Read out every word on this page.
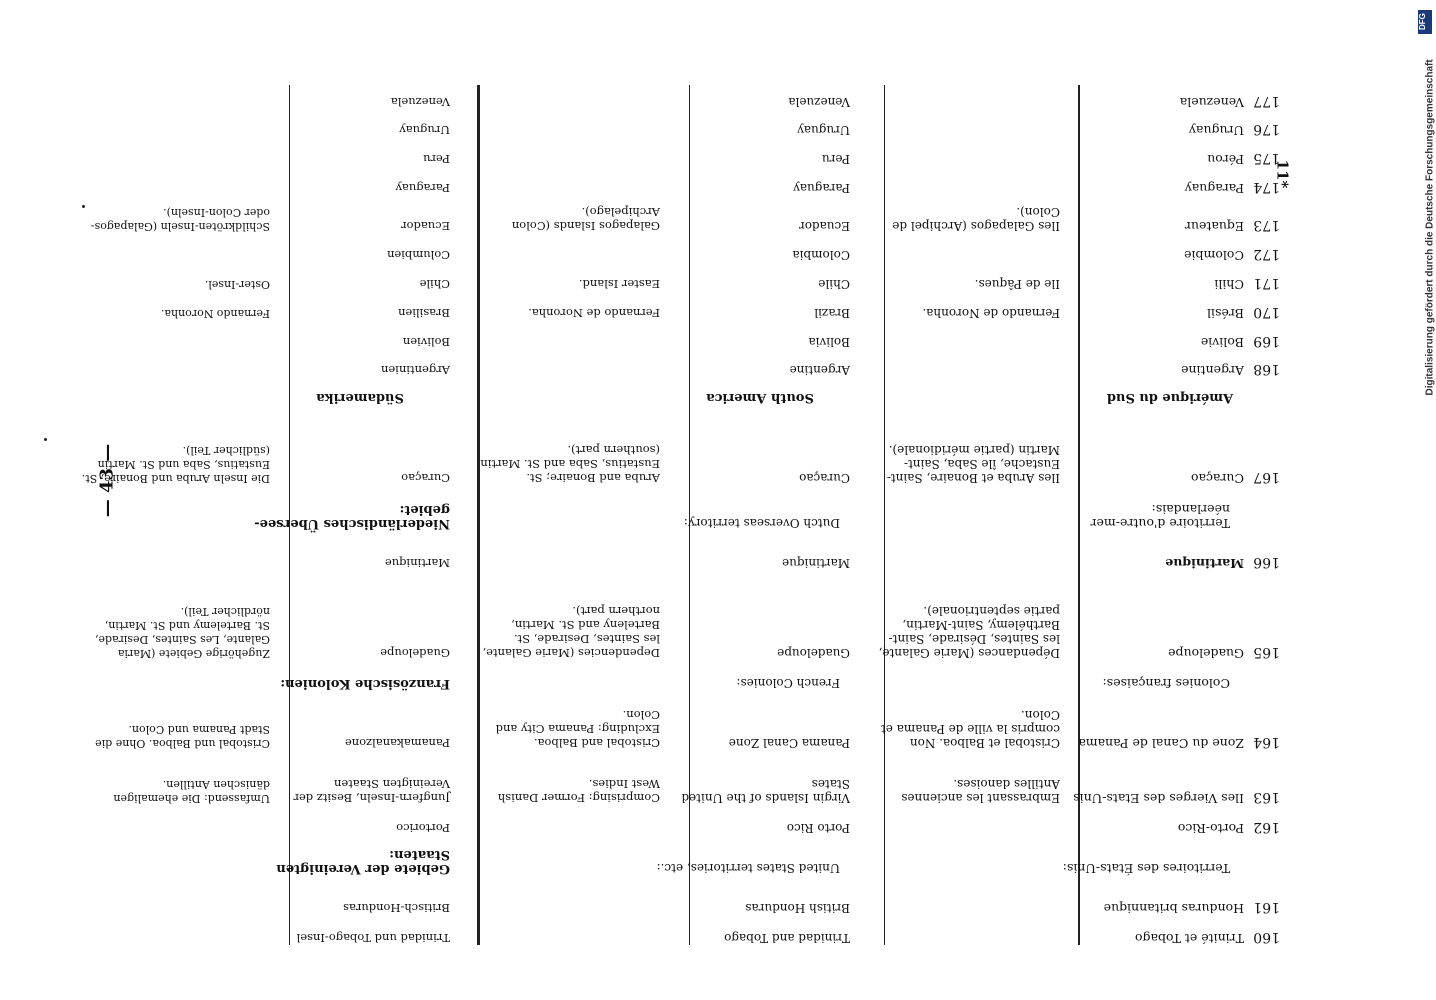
160
Trinité et Tobago
Trinidad and Tobago
Trinidad und Tobago-Insel
161
Honduras britannique
British Honduras
Britisch-Honduras
Territoires des États-Unis:
United States territories, etc.:
Gebiete der Vereinigten Staaten:
162
Porto-Rico
Porto Rico
Portorico
163
Iles Vierges des Etats-Unis
Embrassant les anciennes Antilles danoises.
Virgin Islands of the United States
Comprising: Former Danish West Indies.
Jungfern-Inseln, Besitz der Vereinigten Staaten
Umfassend: Die ehemaligen dänischen Antillen.
164
Zone du Canal de Panama
Cristobal et Balboa. Non compris la ville de Panama et Colon.
Panama Canal Zone
Cristobal and Balboa. Excluding: Panama City and Colon.
Panamakanalzone
Cristobal und Balboa. Ohne die Stadt Panama und Colon.
Colonies françaises:
French Colonies:
Französische Kolonien:
165
Guadeloupe
Dépendances (Marie Galante, les Saintes, Désirade, Saint-Barthélemy, Saint-Martin, partie septentrionale).
Guadeloupe
Dependencies (Marie Galante, les Saintes, Desirade, St. Barteleny and St. Martin, northern part).
Guadeloupe
Zugehörige Gebiete (Maria Galante, Les Saintes, Desirade, St. Bartelemy und St. Martin, nördlicher Teil).
166
Martinique
Martinique
Martinique
Territoire d'outre-mer néerlandais:
Dutch Overseas territory:
Niederländisches Übersee-gebiet:
167
Curaçao
Iles Aruba et Bonaire, Saint-Eustache, île Saba, Saint-Martin (partie méridionale).
Curaçao
Aruba and Bonaire; St. Eustatius, Saba and St. Martin (southern part).
Curaçao
Die Inseln Aruba und Bonaire, St. Eustatius, Saba und St. Martin (südlicher Teil).
Amérique du Sud
South America
Südamerika
168
Argentine
Argentine
Argentinien
169
Bolivie
Bolivia
Bolivien
170
Brésil
Fernando de Noronha.
Brazil
Fernando de Noronha.
Brasilien
Fernando Noronha.
171
Chili
Ile de Pâques.
Chile
Easter Island.
Chile
Oster-Insel.
172
Colombie
Colombia
Columbien
173
Equateur
Iles Galapagos (Archipel de Colon).
Ecuador
Galapagos Islands (Colon Archipelago).
Ecuador
Schildkröten-Inseln (Galapagos- oder Colon-Inseln).
174
Paraguay
Paraguay
Paraguay
175
Pérou
Peru
Peru
176
Uruguay
Uruguay
Uruguay
177
Venezuela
Venezuela
Venezuela
— 43 —
11*
DFG
Digitalisierung gefördert durch die Deutsche Forschungsgemeinschaft
